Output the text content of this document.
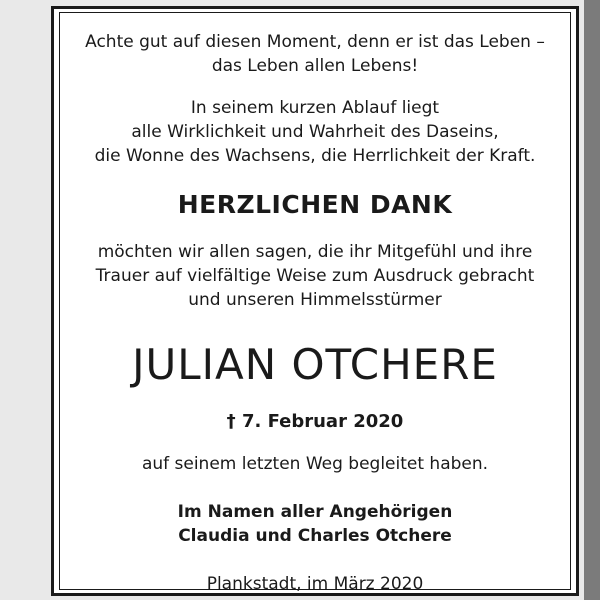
Achte gut auf diesen Moment, denn er ist das Leben –
das Leben allen Lebens!
In seinem kurzen Ablauf liegt
alle Wirklichkeit und Wahrheit des Daseins,
die Wonne des Wachsens, die Herrlichkeit der Kraft.
HERZLICHEN DANK
möchten wir allen sagen, die ihr Mitgefühl und ihre
Trauer auf vielfältige Weise zum Ausdruck gebracht
und unseren Himmelsstürmer
JULIAN OTCHERE
† 7. Februar 2020
auf seinem letzten Weg begleitet haben.
Im Namen aller Angehörigen
Claudia und Charles Otchere
Plankstadt, im März 2020
